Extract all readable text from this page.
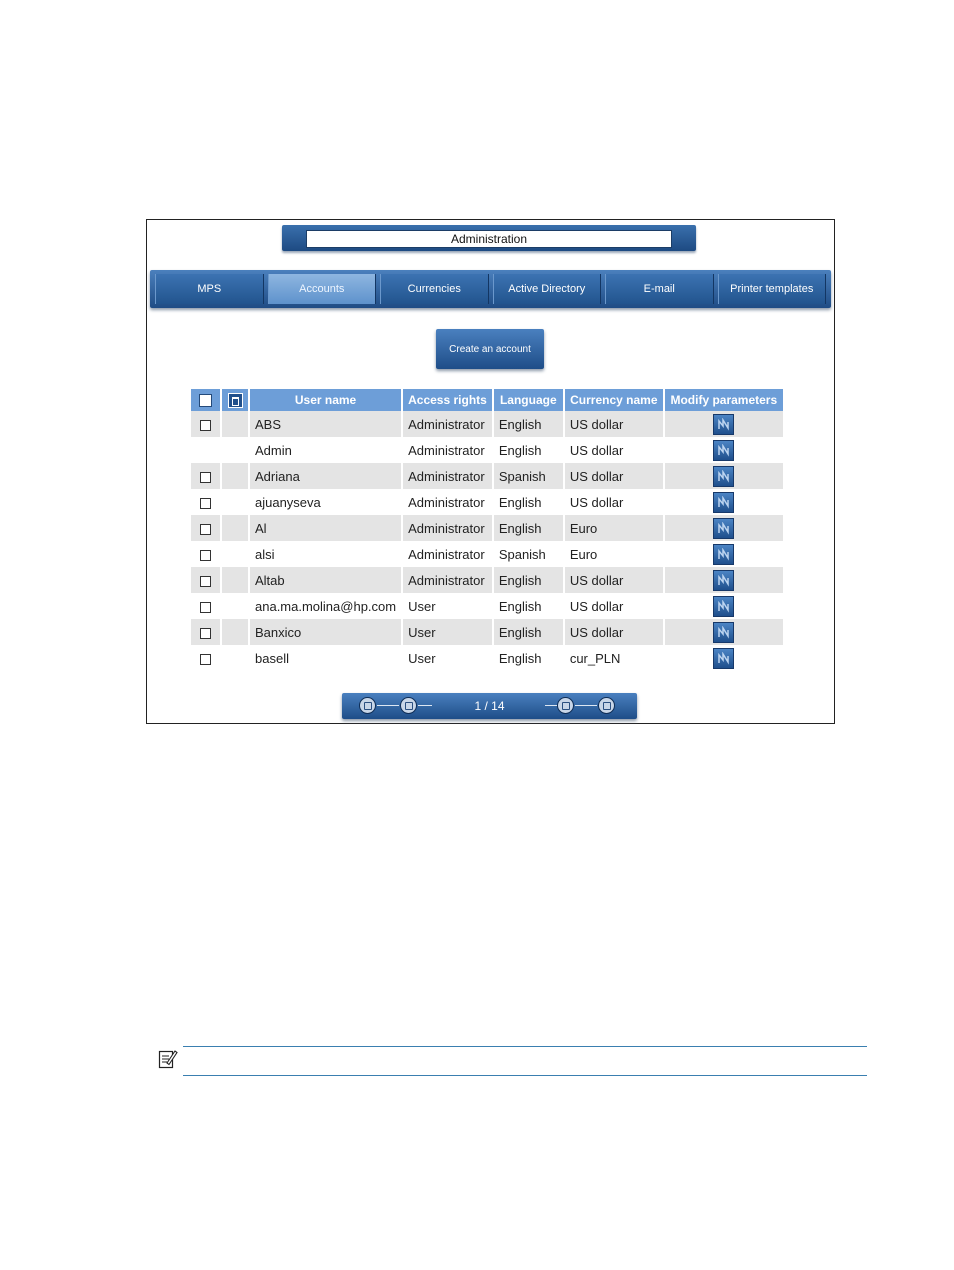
Administration
MPS	Accounts	Currencies	Active Directory	E-mail	Printer templates
Create an account
		User name	Access rights	Language	Currency name	Modify parameters
		ABS	Administrator	English	US dollar	

		Admin	Administrator	English	US dollar	

		Adriana	Administrator	Spanish	US dollar	

		ajuanyseva	Administrator	English	US dollar	

		Al	Administrator	English	Euro	

		alsi	Administrator	Spanish	Euro	

		Altab	Administrator	English	US dollar	

		ana.ma.molina@hp.com	User	English	US dollar	

		Banxico	User	English	US dollar	

		basell	User	English	cur_PLN	
1 / 14
